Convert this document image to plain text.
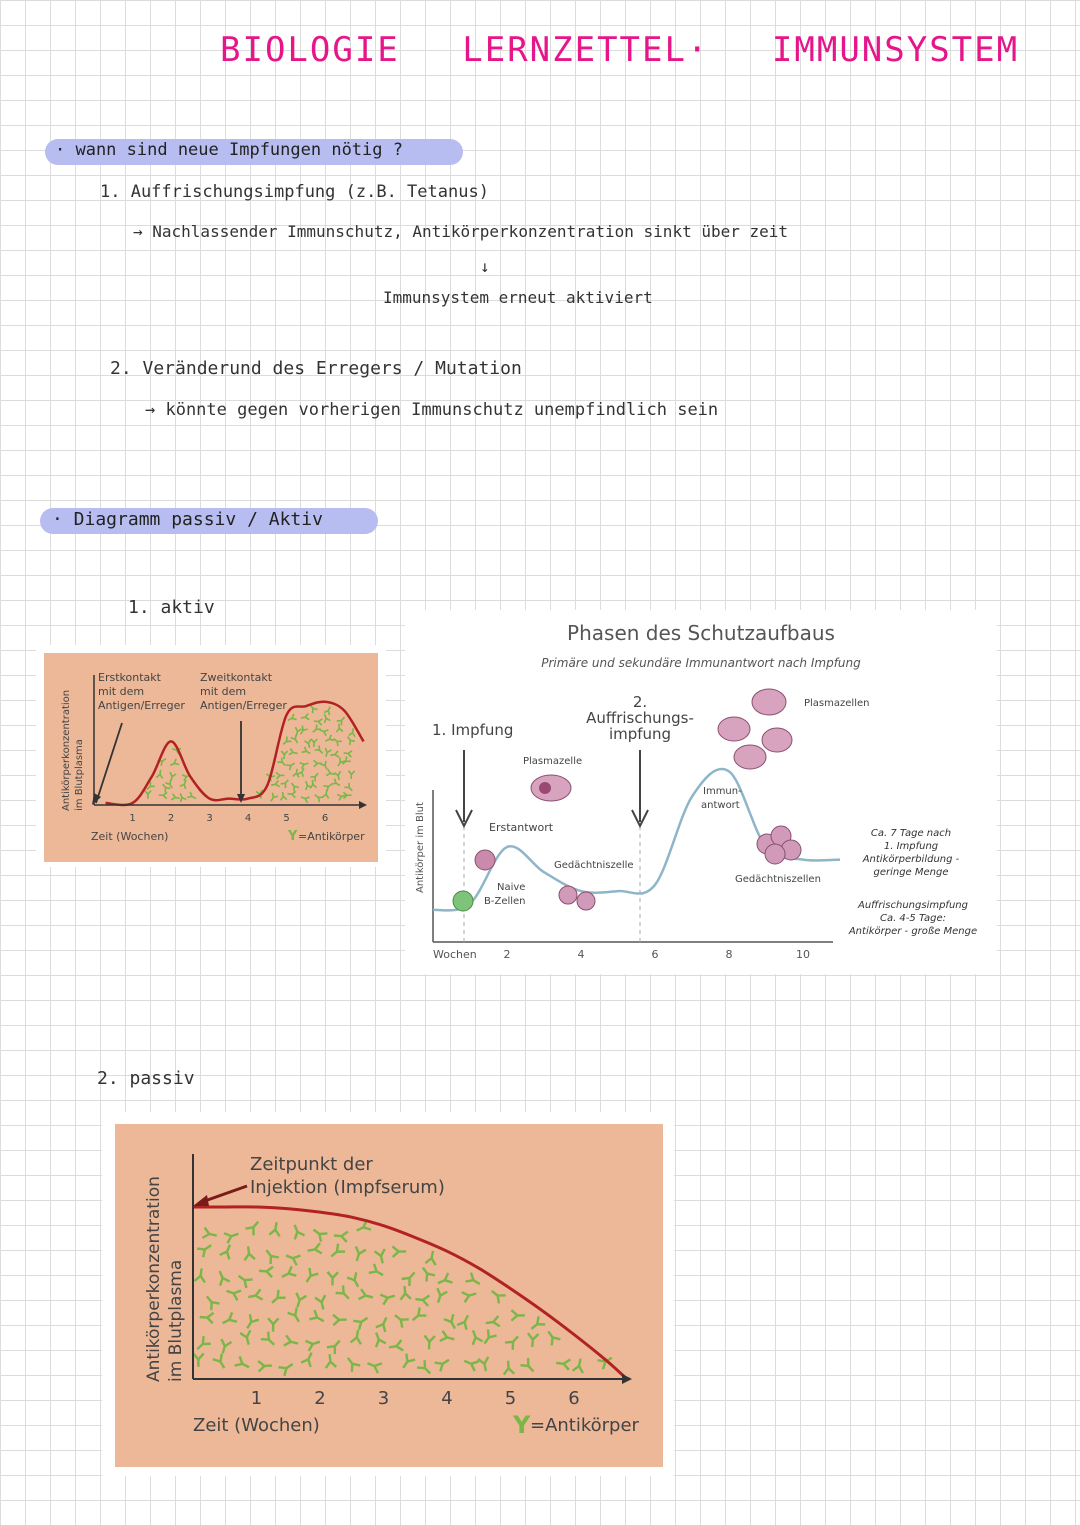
BIOLOGIE LERNZETTEL· IMMUNSYSTEM
· wann sind neue Impfungen nötig ?
1. Auffrischungsimpfung (z.B. Tetanus)
→ Nachlassender Immunschutz, Antikörperkonzentration sinkt über zeit
↓
Immunsystem erneut aktiviert
2. Veränderund des Erregers / Mutation
→ könnte gegen vorherigen Immunschutz unempfindlich sein
· Diagramm passiv / Aktiv
1. aktiv
1	2	3	4	5	6
Erstkontakt
mit dem
Antigen/Erreger
Zweitkontakt
mit dem
Antigen/Erreger
Zeit (Wochen)	Y =Antikörper
Antikörperkonzentration im Blutplasma
Phasen des Schutzaufbaus
Primäre und sekundäre Immunantwort nach Impfung
Antikörper im Blut
Wochen 2	4	6	8	10
1. Impfung
2.
Auffrischungs-
impfung
Plasmazelle
Erstantwort
Naive
B-Zellen
Gedächtniszelle
Plasmazellen
Immun-
antwort
Gedächtniszellen
Ca. 7 Tage nach
1. Impfung
Antikörperbildung -
geringe Menge
Auffrischungsimpfung
Ca. 4-5 Tage:
Antikörper - große Menge
2. passiv
1	2	3	4	5	6
Zeitpunkt der
Injektion (Impfserum)
Zeit (Wochen)	Y =Antikörper
Antikörperkonzentration im Blutplasma
